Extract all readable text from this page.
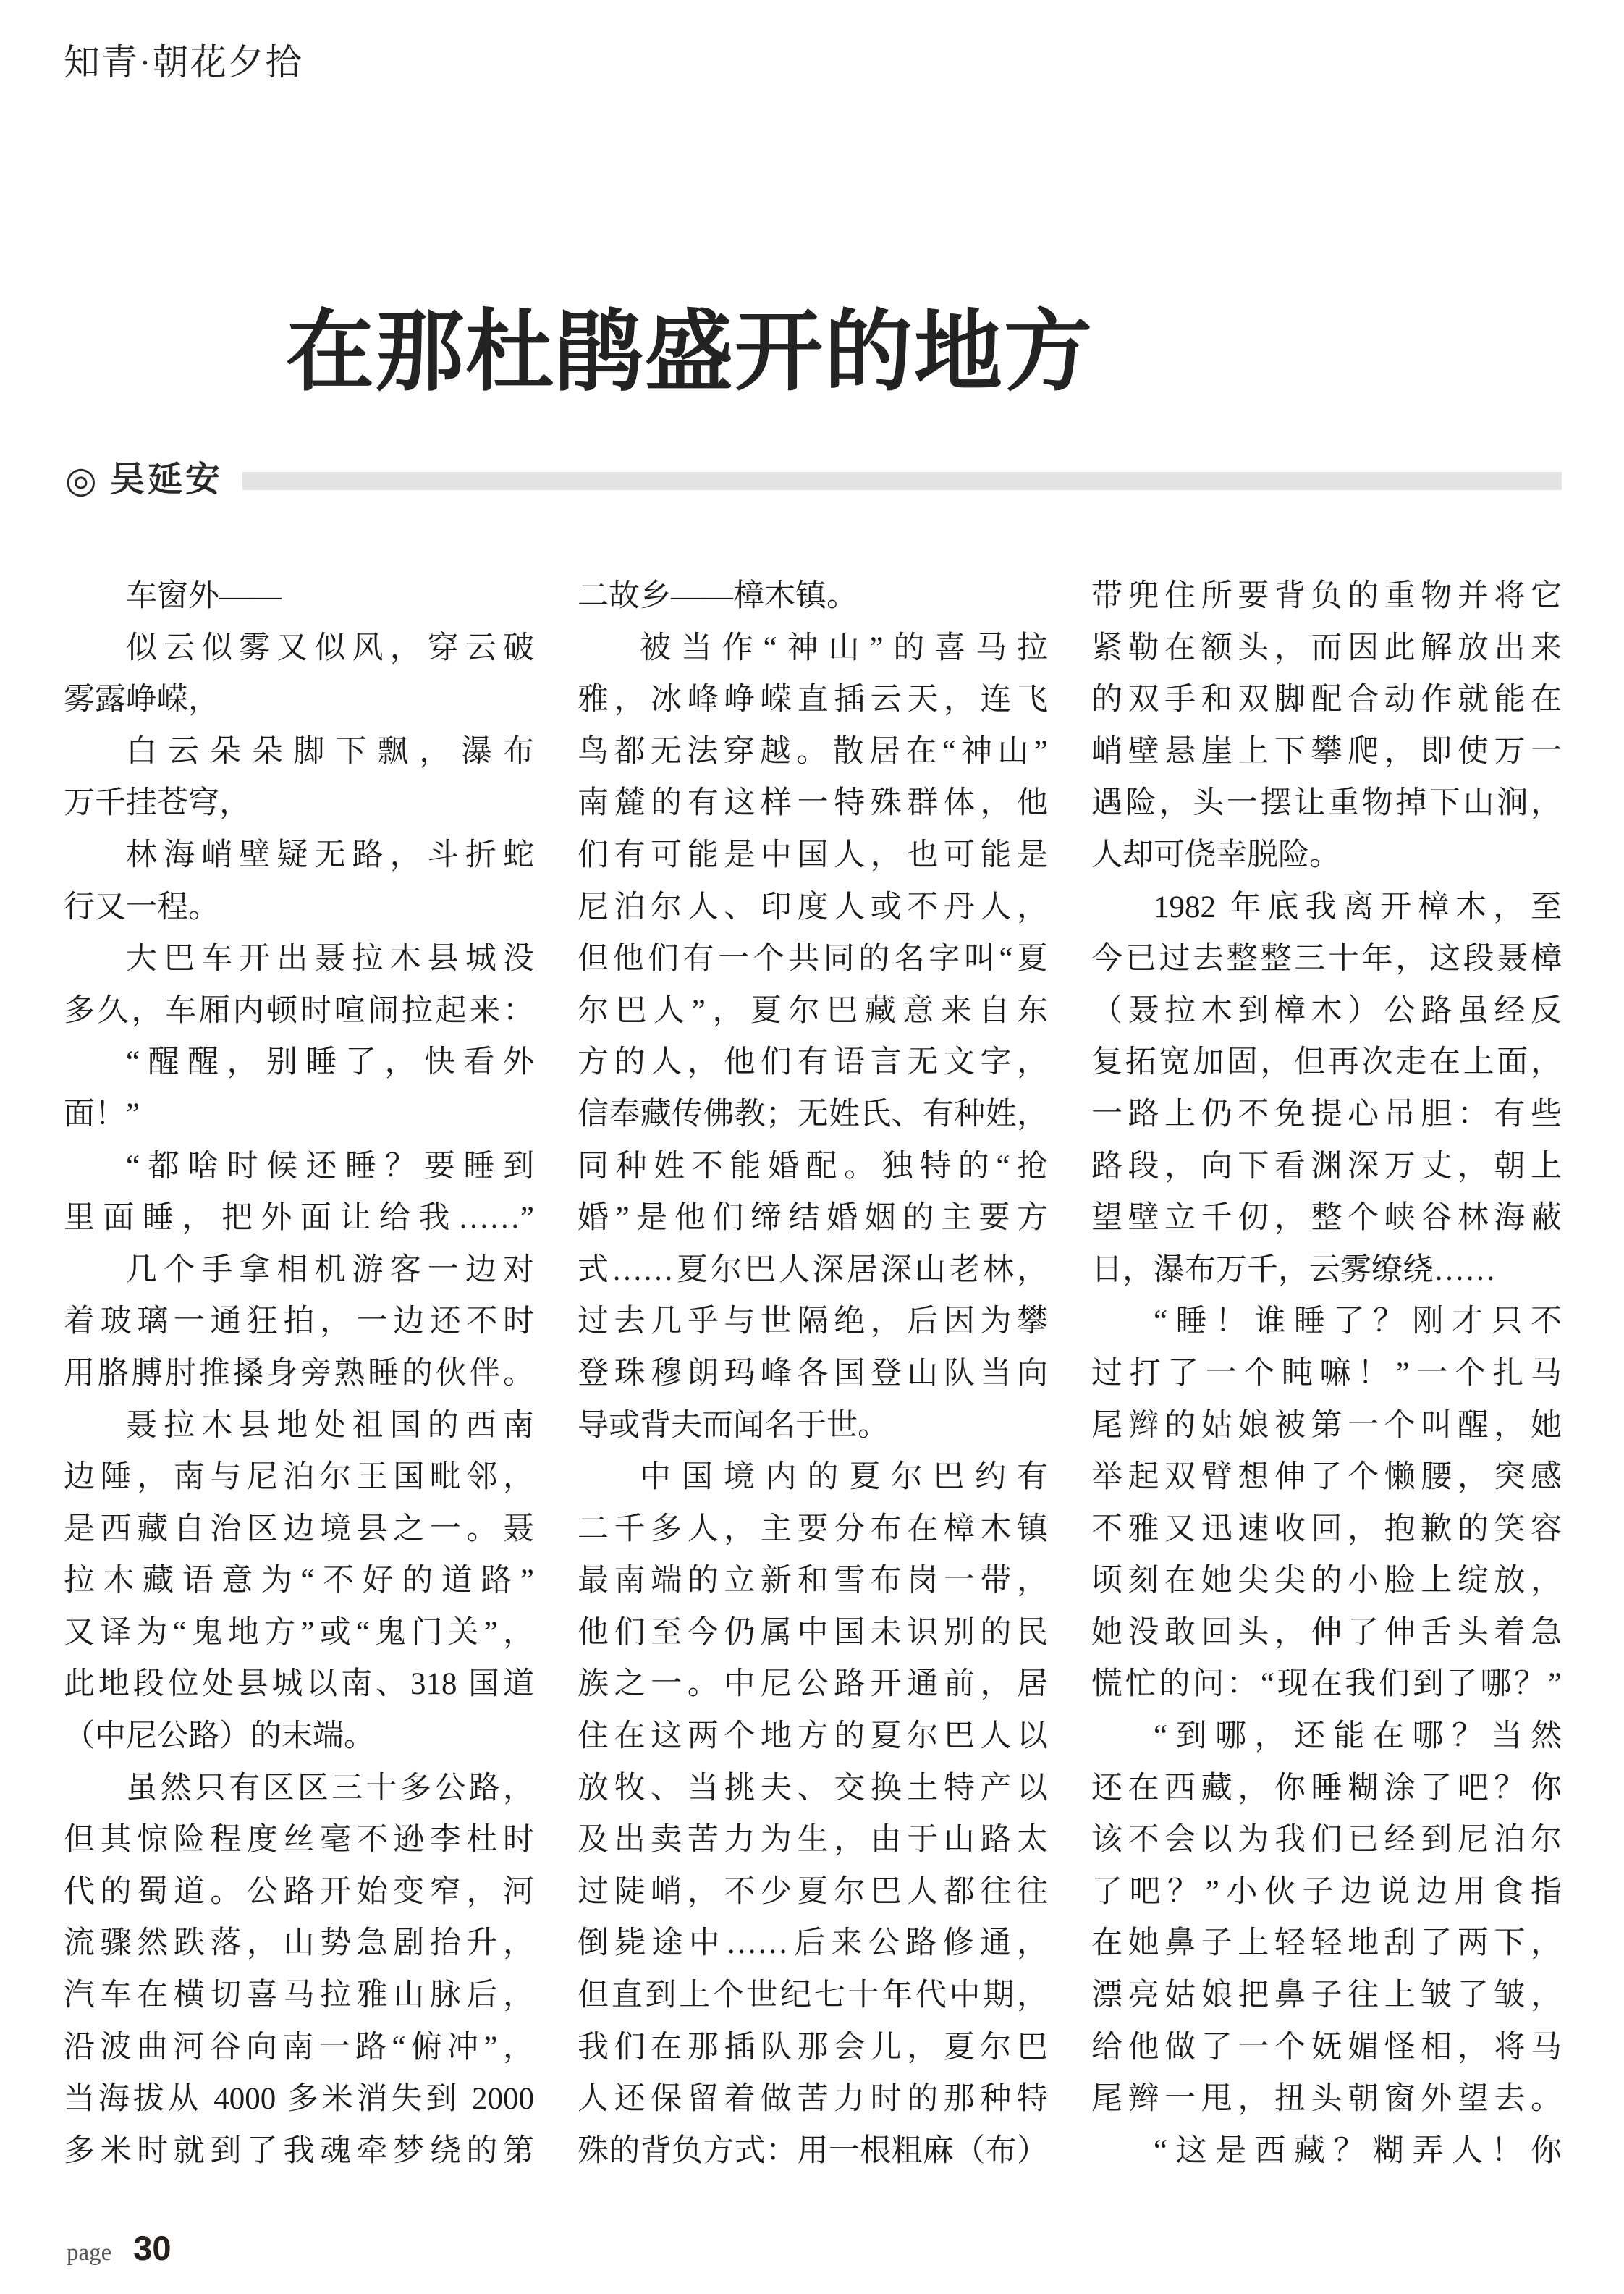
知青·朝花夕拾
在那杜鹃盛开的地方
◎ 吴延安
车窗外——
似云似雾又似风，穿云破
雾露峥嵘，
白云朵朵脚下飘，瀑布
万千挂苍穹，
林海峭壁疑无路，斗折蛇
行又一程。
大巴车开出聂拉木县城没
多久，车厢内顿时喧闹拉起来：
“醒醒，别睡了，快看外
面！”
“都啥时候还睡？要睡到
里面睡，把外面让给我……”
几个手拿相机游客一边对
着玻璃一通狂拍，一边还不时
用胳膊肘推搡身旁熟睡的伙伴。
聂拉木县地处祖国的西南
边陲，南与尼泊尔王国毗邻，
是西藏自治区边境县之一。聂
拉木藏语意为“不好的道路”
又译为“鬼地方”或“鬼门关”，
此地段位处县城以南、318 国道
（中尼公路）的末端。
虽然只有区区三十多公路，
但其惊险程度丝毫不逊李杜时
代的蜀道。公路开始变窄，河
流骤然跌落，山势急剧抬升，
汽车在横切喜马拉雅山脉后，
沿波曲河谷向南一路“俯冲”，
当海拔从 4000 多米消失到 2000
多米时就到了我魂牵梦绕的第
二故乡——樟木镇。
被当作“神山”的喜马拉
雅，冰峰峥嵘直插云天，连飞
鸟都无法穿越。散居在“神山”
南麓的有这样一特殊群体，他
们有可能是中国人，也可能是
尼泊尔人、印度人或不丹人，
但他们有一个共同的名字叫“夏
尔巴人”，夏尔巴藏意来自东
方的人，他们有语言无文字，
信奉藏传佛教；无姓氏、有种姓，
同种姓不能婚配。独特的“抢
婚”是他们缔结婚姻的主要方
式……夏尔巴人深居深山老林，
过去几乎与世隔绝，后因为攀
登珠穆朗玛峰各国登山队当向
导或背夫而闻名于世。
中国境内的夏尔巴约有
二千多人，主要分布在樟木镇
最南端的立新和雪布岗一带，
他们至今仍属中国未识别的民
族之一。中尼公路开通前，居
住在这两个地方的夏尔巴人以
放牧、当挑夫、交换土特产以
及出卖苦力为生，由于山路太
过陡峭，不少夏尔巴人都往往
倒毙途中……后来公路修通，
但直到上个世纪七十年代中期，
我们在那插队那会儿，夏尔巴
人还保留着做苦力时的那种特
殊的背负方式：用一根粗麻（布）
带兜住所要背负的重物并将它
紧勒在额头，而因此解放出来
的双手和双脚配合动作就能在
峭壁悬崖上下攀爬，即使万一
遇险，头一摆让重物掉下山涧，
人却可侥幸脱险。
1982 年底我离开樟木，至
今已过去整整三十年，这段聂樟
（聂拉木到樟木）公路虽经反
复拓宽加固，但再次走在上面，
一路上仍不免提心吊胆：有些
路段，向下看渊深万丈，朝上
望壁立千仞，整个峡谷林海蔽
日，瀑布万千，云雾缭绕……
“睡！谁睡了？刚才只不
过打了一个盹嘛！”一个扎马
尾辫的姑娘被第一个叫醒，她
举起双臂想伸了个懒腰，突感
不雅又迅速收回，抱歉的笑容
顷刻在她尖尖的小脸上绽放，
她没敢回头，伸了伸舌头着急
慌忙的问：“现在我们到了哪？”
“到哪，还能在哪？当然
还在西藏，你睡糊涂了吧？你
该不会以为我们已经到尼泊尔
了吧？”小伙子边说边用食指
在她鼻子上轻轻地刮了两下，
漂亮姑娘把鼻子往上皱了皱，
给他做了一个妩媚怪相，将马
尾辫一甩，扭头朝窗外望去。
“这是西藏？糊弄人！你
page 30
